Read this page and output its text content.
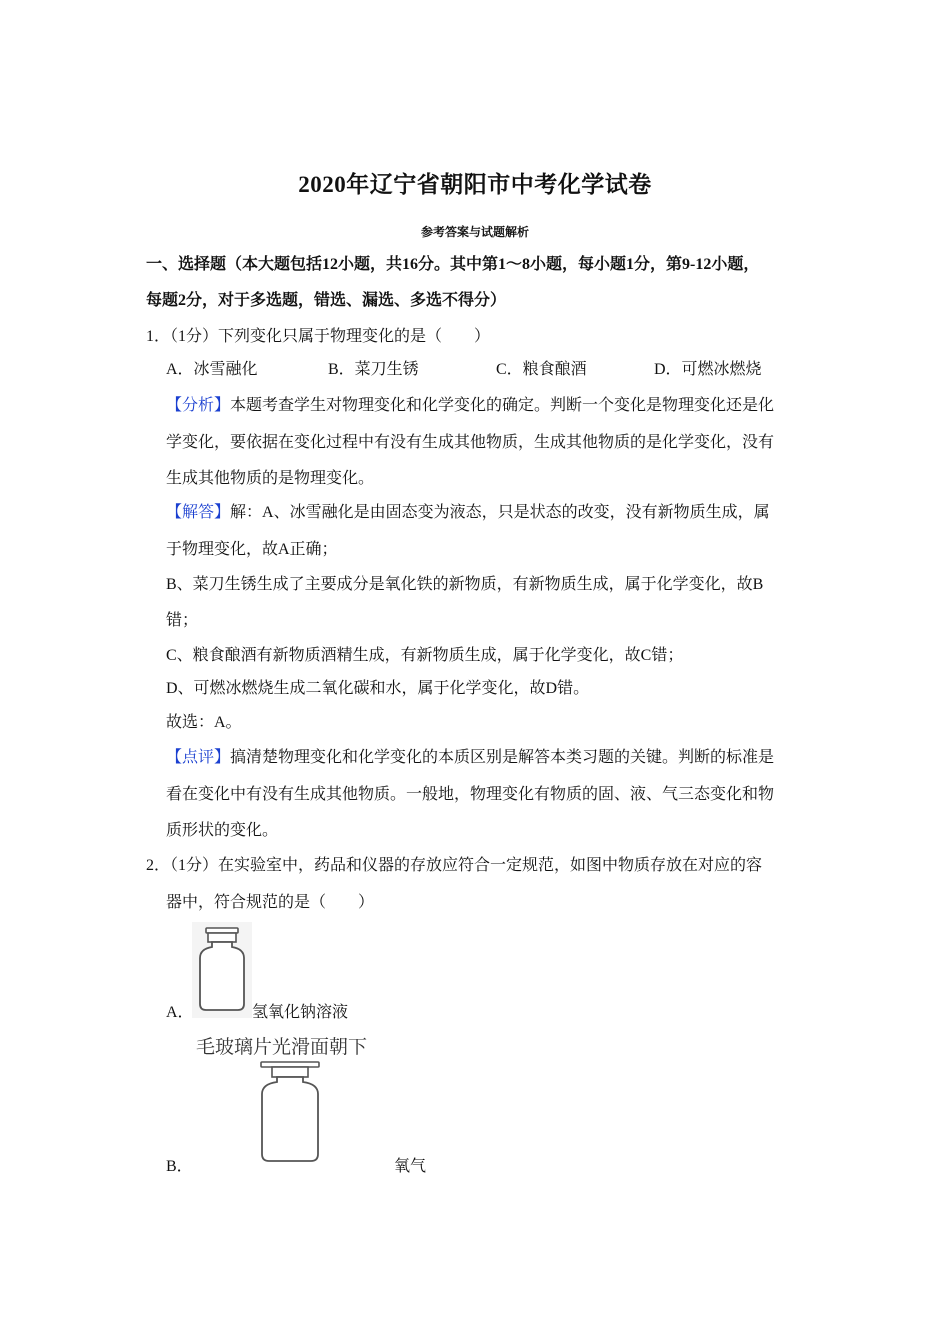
2020年辽宁省朝阳市中考化学试卷
参考答案与试题解析
一、选择题（本大题包括12小题，共16分。其中第1～8小题，每小题1分，第9-12小题，
每题2分，对于多选题，错选、漏选、多选不得分）
1．（1分）下列变化只属于物理变化的是（　　）
A．冰雪融化	B．菜刀生锈	C．粮食酿酒	D．可燃冰燃烧
【分析】本题考查学生对物理变化和化学变化的确定。判断一个变化是物理变化还是化
学变化，要依据在变化过程中有没有生成其他物质，生成其他物质的是化学变化，没有
生成其他物质的是物理变化。
【解答】解：A、冰雪融化是由固态变为液态，只是状态的改变，没有新物质生成，属
于物理变化，故A正确；
B、菜刀生锈生成了主要成分是氧化铁的新物质，有新物质生成，属于化学变化，故B
错；
C、粮食酿酒有新物质酒精生成，有新物质生成，属于化学变化，故C错；
D、可燃冰燃烧生成二氧化碳和水，属于化学变化，故D错。
故选：A。
【点评】搞清楚物理变化和化学变化的本质区别是解答本类习题的关键。判断的标准是
看在变化中有没有生成其他物质。一般地，物理变化有物质的固、液、气三态变化和物
质形状的变化。
2．（1分）在实验室中，药品和仪器的存放应符合一定规范，如图中物质存放在对应的容
器中，符合规范的是（　　）
A．	氢氧化钠溶液
毛玻璃片光滑面朝下
B．	氧气
